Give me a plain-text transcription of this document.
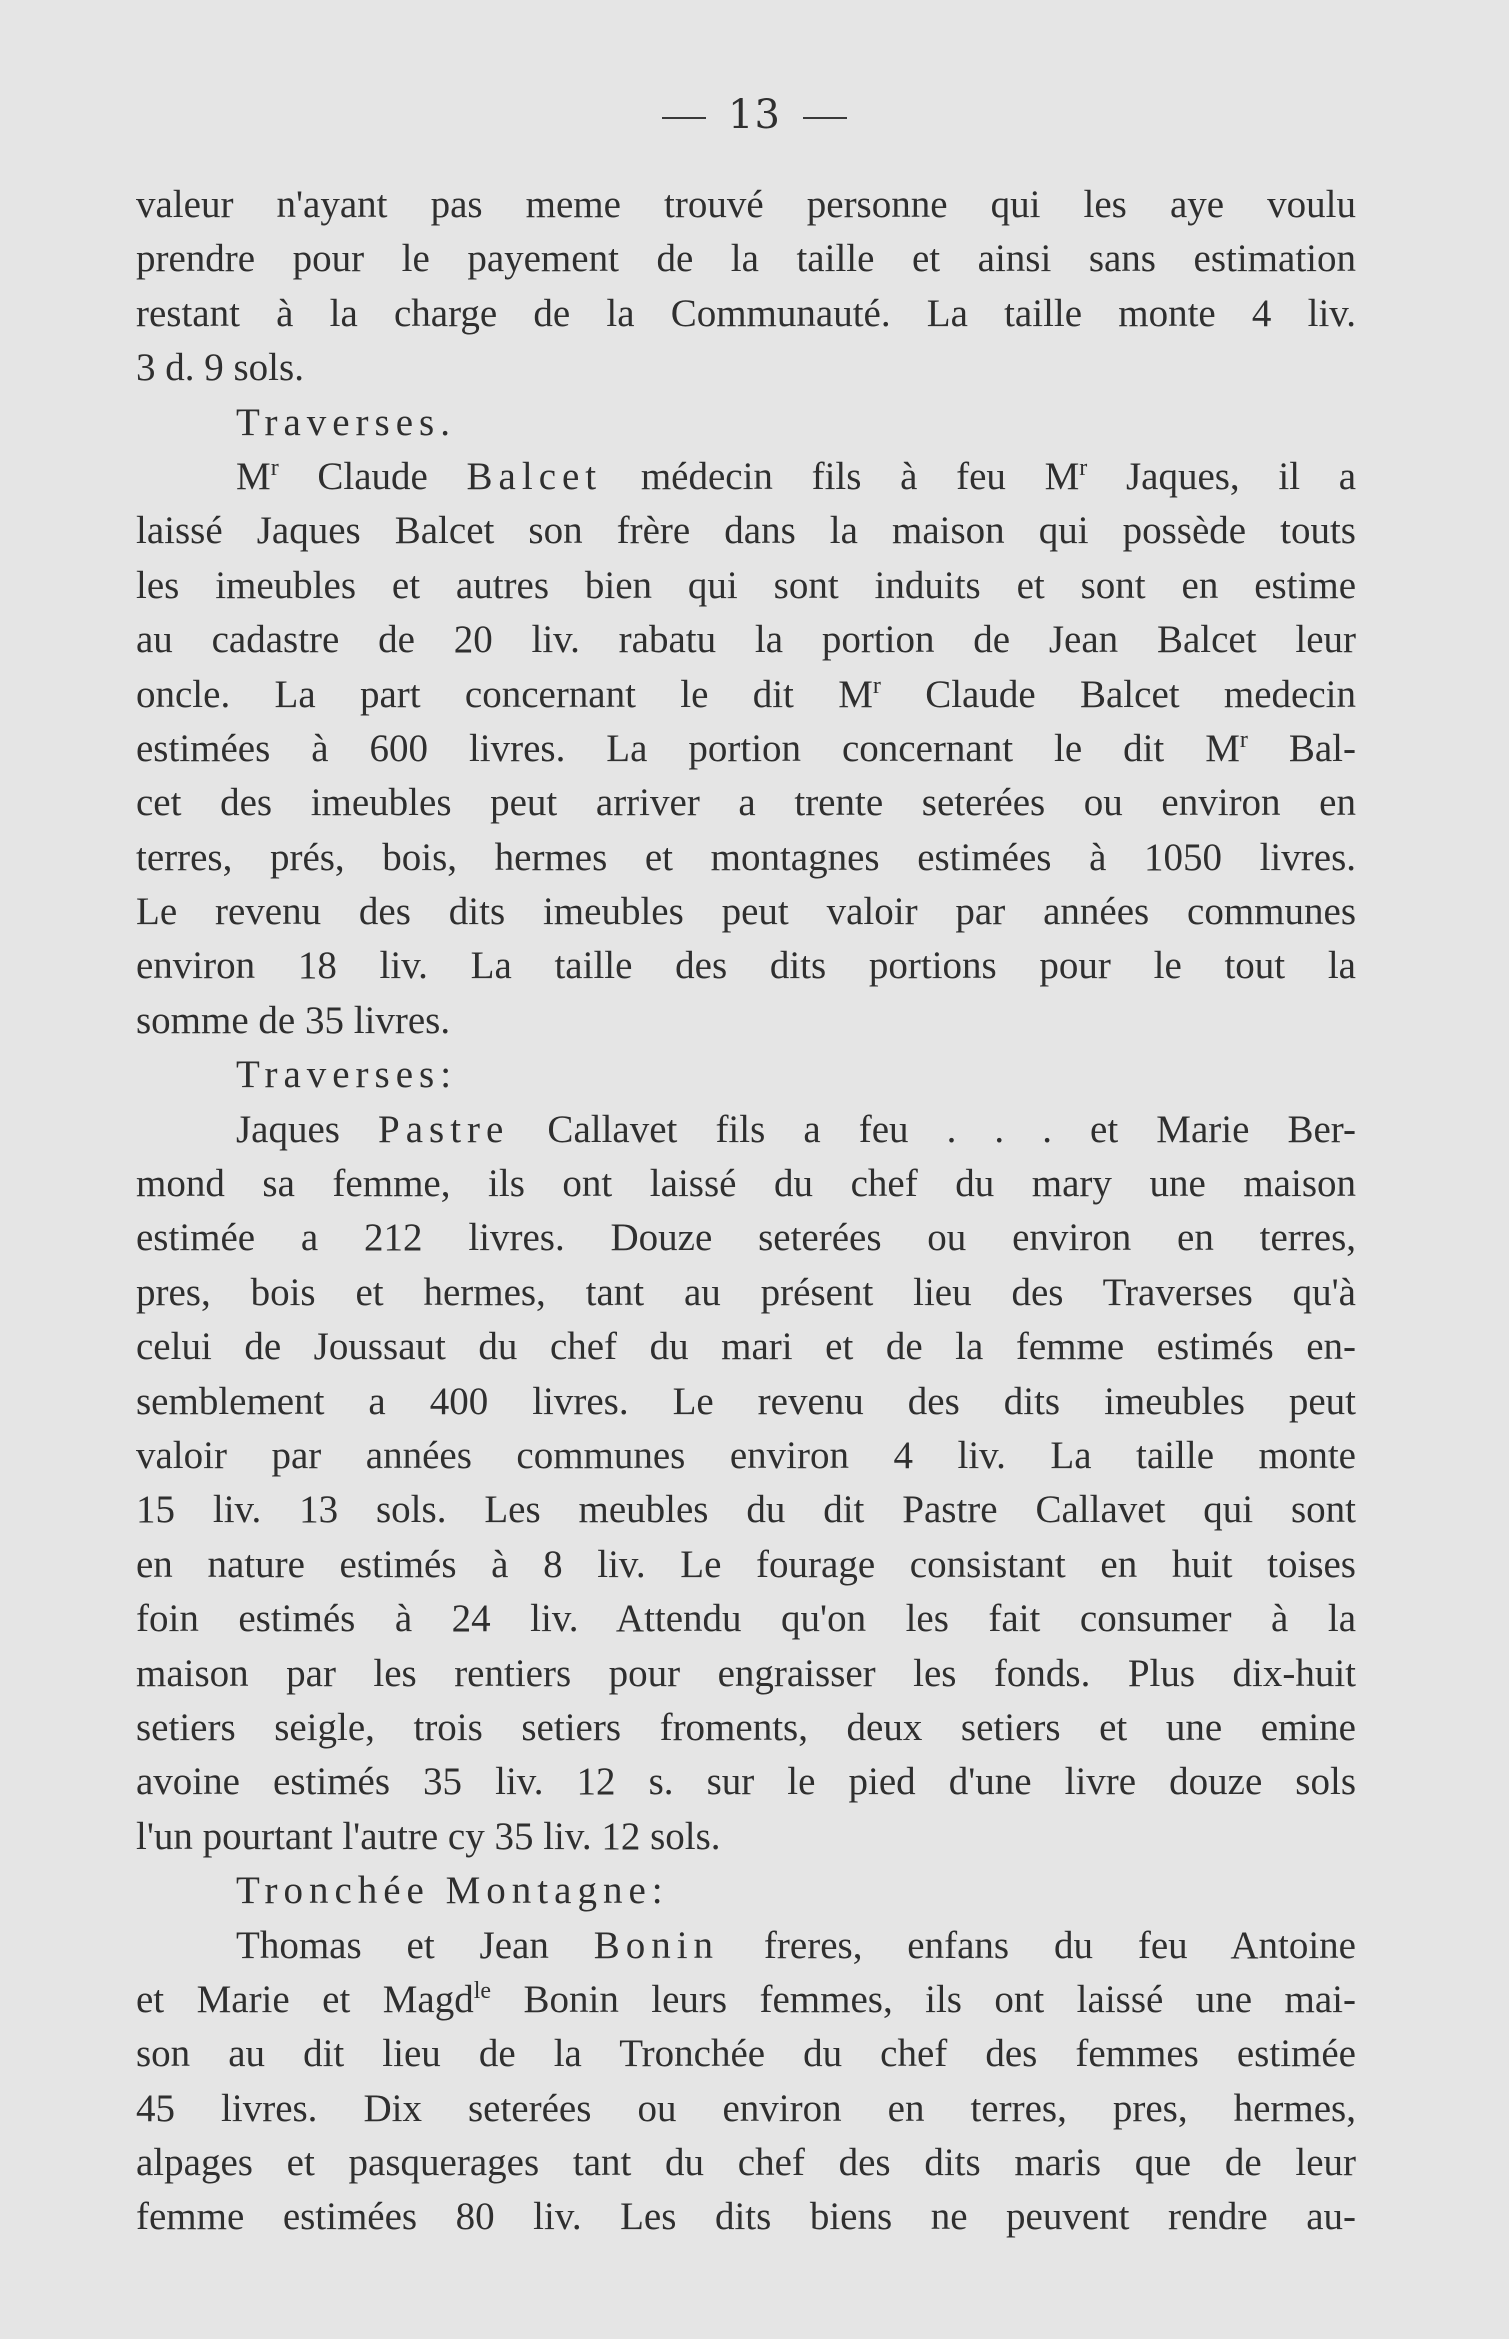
13
valeur n'ayant pas meme trouvé personne qui les aye voulu
prendre pour le payement de la taille et ainsi sans estimation
restant à la charge de la Communauté. La taille monte 4 liv.
3 d. 9 sols.
Traverses.
$M^r$ Claude Balcet médecin fils à feu $M^r$ Jaques, il a
laissé Jaques Balcet son frère dans la maison qui possède touts
les imeubles et autres bien qui sont induits et sont en estime
au cadastre de 20 liv. rabatu la portion de Jean Balcet leur
oncle. La part concernant le dit $M^r$ Claude Balcet medecin
estimées à 600 livres. La portion concernant le dit $M^r$ Bal-
cet des imeubles peut arriver a trente seterées ou environ en
terres, prés, bois, hermes et montagnes estimées à 1050 livres.
Le revenu des dits imeubles peut valoir par années communes
environ 18 liv. La taille des dits portions pour le tout la
somme de 35 livres.
Traverses:
Jaques Pastre Callavet fils a feu . . . et Marie Ber-
mond sa femme, ils ont laissé du chef du mary une maison
estimée a 212 livres. Douze seterées ou environ en terres,
pres, bois et hermes, tant au présent lieu des Traverses qu'à
celui de Joussaut du chef du mari et de la femme estimés en-
semblement a 400 livres. Le revenu des dits imeubles peut
valoir par années communes environ 4 liv. La taille monte
15 liv. 13 sols. Les meubles du dit Pastre Callavet qui sont
en nature estimés à 8 liv. Le fourage consistant en huit toises
foin estimés à 24 liv. Attendu qu'on les fait consumer à la
maison par les rentiers pour engraisser les fonds. Plus dix-huit
setiers seigle, trois setiers froments, deux setiers et une emine
avoine estimés 35 liv. 12 s. sur le pied d'une livre douze sols
l'un pourtant l'autre cy 35 liv. 12 sols.
Tronchée Montagne:
Thomas et Jean Bonin freres, enfans du feu Antoine
et Marie et Magd$^{le}$ Bonin leurs femmes, ils ont laissé une mai-
son au dit lieu de la Tronchée du chef des femmes estimée
45 livres. Dix seterées ou environ en terres, pres, hermes,
alpages et pasquerages tant du chef des dits maris que de leur
femme estimées 80 liv. Les dits biens ne peuvent rendre au-
